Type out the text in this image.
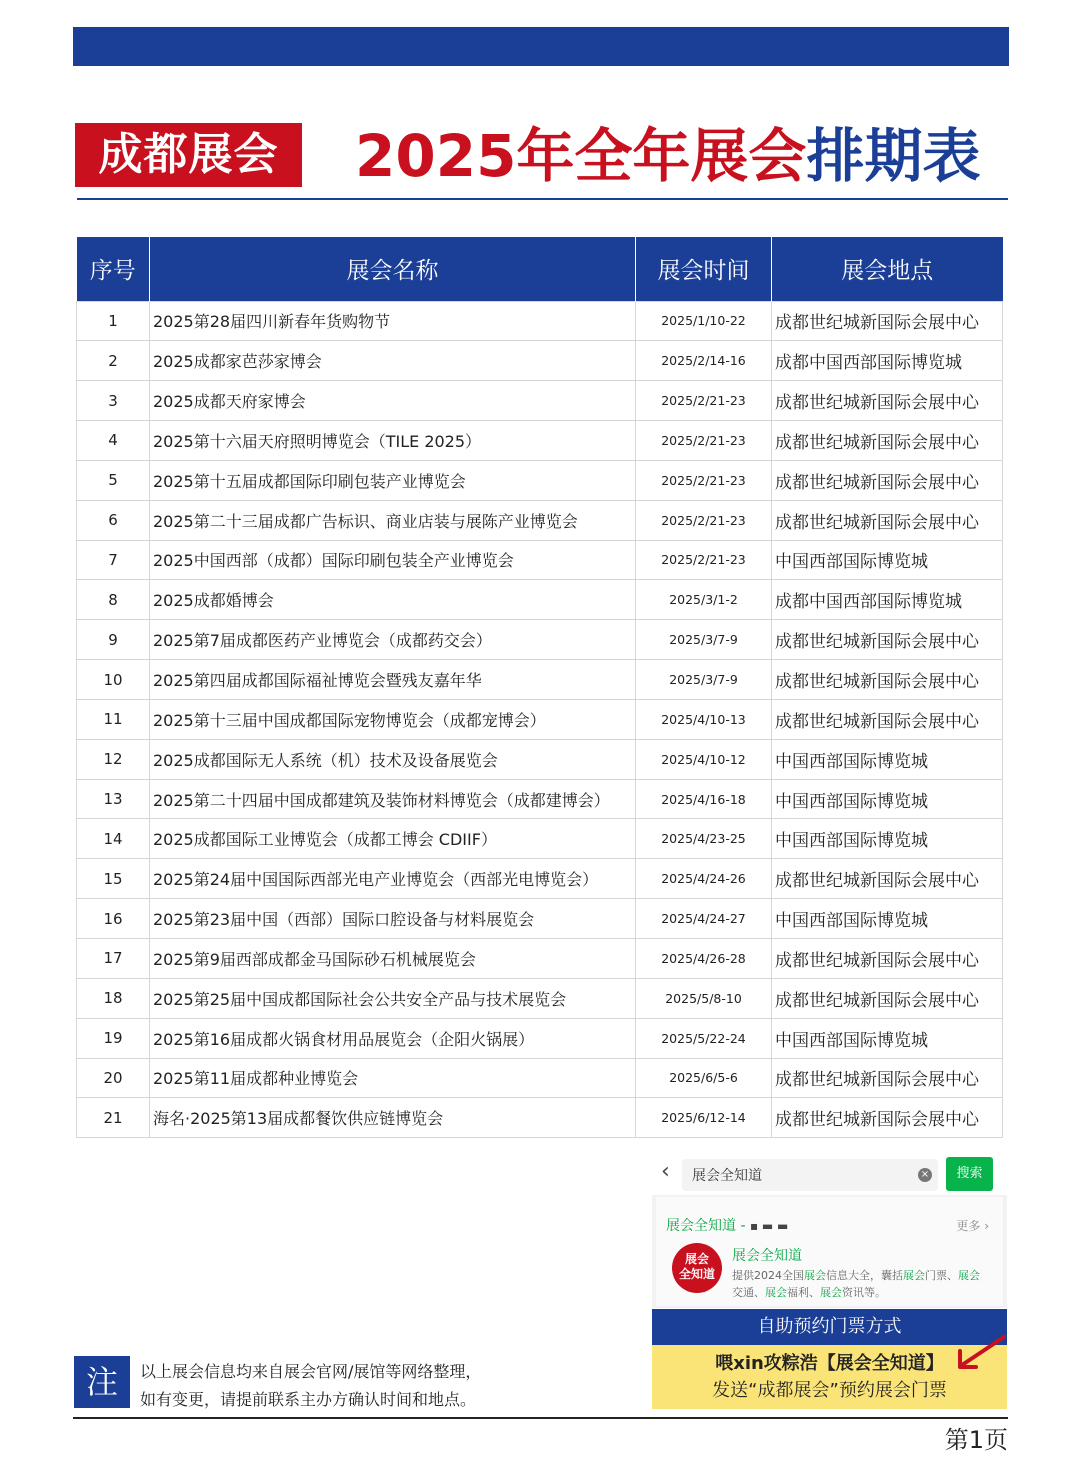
成都展会	2025年全年展会排期表
序号	展会名称	展会时间	展会地点
1	2025第28届四川新春年货购物节	2025/1/10-22	成都世纪城新国际会展中心
2	2025成都家芭莎家博会	2025/2/14-16	成都中国西部国际博览城
3	2025成都天府家博会	2025/2/21-23	成都世纪城新国际会展中心
4	2025第十六届天府照明博览会（TILE 2025）	2025/2/21-23	成都世纪城新国际会展中心
5	2025第十五届成都国际印刷包装产业博览会	2025/2/21-23	成都世纪城新国际会展中心
6	2025第二十三届成都广告标识、商业店装与展陈产业博览会	2025/2/21-23	成都世纪城新国际会展中心
7	2025中国西部（成都）国际印刷包装全产业博览会	2025/2/21-23	中国西部国际博览城
8	2025成都婚博会	2025/3/1-2	成都中国西部国际博览城
9	2025第7届成都医药产业博览会（成都药交会）	2025/3/7-9	成都世纪城新国际会展中心
10	2025第四届成都国际福祉博览会暨残友嘉年华	2025/3/7-9	成都世纪城新国际会展中心
11	2025第十三届中国成都国际宠物博览会（成都宠博会）	2025/4/10-13	成都世纪城新国际会展中心
12	2025成都国际无人系统（机）技术及设备展览会	2025/4/10-12	中国西部国际博览城
13	2025第二十四届中国成都建筑及装饰材料博览会（成都建博会）	2025/4/16-18	中国西部国际博览城
14	2025成都国际工业博览会（成都工博会 CDIIF）	2025/4/23-25	中国西部国际博览城
15	2025第24届中国国际西部光电产业博览会（西部光电博览会）	2025/4/24-26	成都世纪城新国际会展中心
16	2025第23届中国（西部）国际口腔设备与材料展览会	2025/4/24-27	中国西部国际博览城
17	2025第9届西部成都金马国际砂石机械展览会	2025/4/26-28	成都世纪城新国际会展中心
18	2025第25届中国成都国际社会公共安全产品与技术展览会	2025/5/8-10	成都世纪城新国际会展中心
19	2025第16届成都火锅食材用品展览会（企阳火锅展）	2025/5/22-24	中国西部国际博览城
20	2025第11届成都种业博览会	2025/6/5-6	成都世纪城新国际会展中心
21	海名·2025第13届成都餐饮供应链博览会	2025/6/12-14	成都世纪城新国际会展中心
‹ 展会全知道	×	搜索
展会全知道 - ▪ ▬ ▬	更多 ›
展会
全知道
展会全知道
提供2024全国展会信息大全，囊括展会门票、展会交通、展会福利、展会资讯等。
自助预约门票方式
喂xin攻粽浩【展会全知道】
发送“成都展会”预约展会门票
注	以上展会信息均来自展会官网/展馆等网络整理，
如有变更，请提前联系主办方确认时间和地点。
第1页
